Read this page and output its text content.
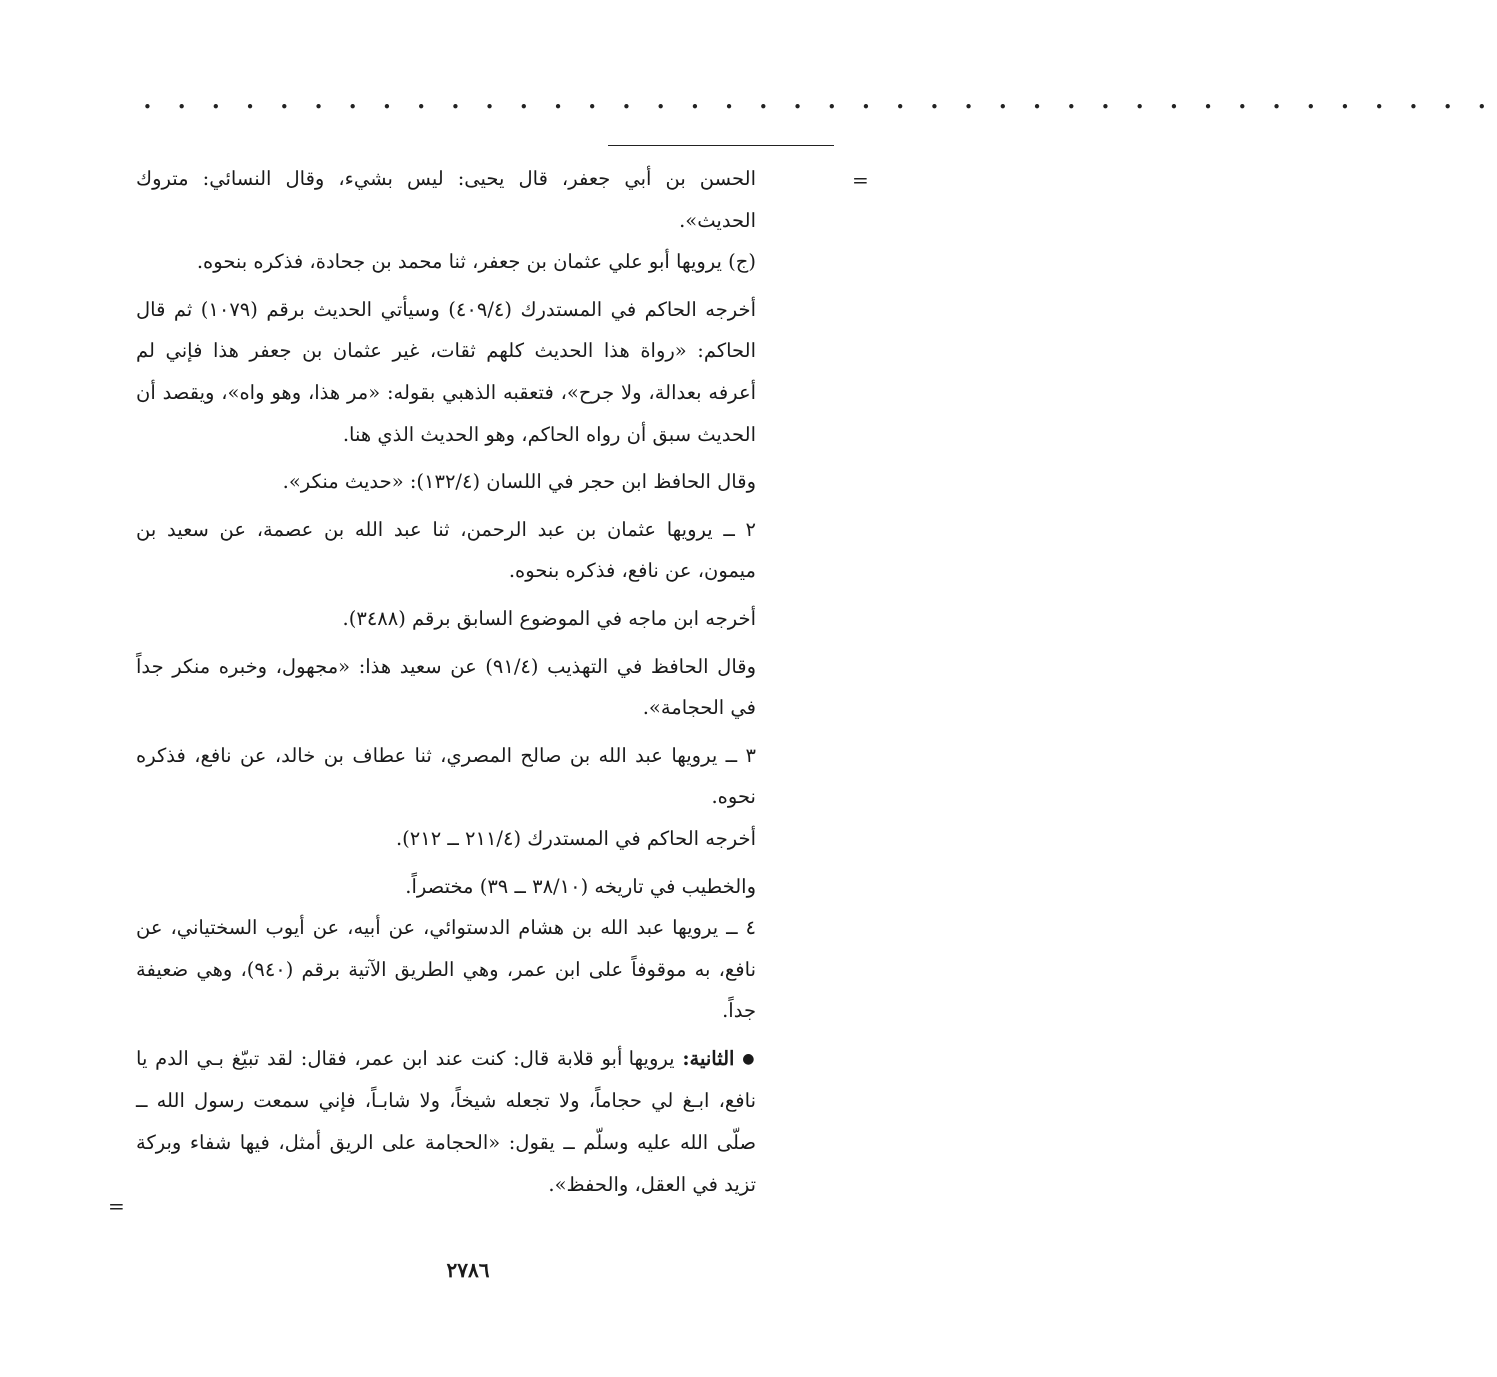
• • • • • • • • • • • • • • • • • • • • • • • • • • • • • • • • • • • • • • • •
=

الحسن بن أبي جعفر، قال يحيى: ليس بشيء، وقال النسائي: متروك الحديث».

(ج) يرويها أبو علي عثمان بن جعفر، ثنا محمد بن جحادة، فذكره بنحوه.

أخرجه الحاكم في المستدرك (٤٠٩/٤) وسيأتي الحديث برقم (١٠٧٩) ثم قال الحاكم: «رواة هذا الحديث كلهم ثقات، غير عثمان بن جعفر هذا فإني لم أعرفه بعدالة، ولا جرح»، فتعقبه الذهبي بقوله: «مر هذا، وهو واه»، ويقصد أن الحديث سبق أن رواه الحاكم، وهو الحديث الذي هنا.

وقال الحافظ ابن حجر في اللسان (١٣٢/٤): «حديث منكر».

٢ ــ يرويها عثمان بن عبد الرحمن، ثنا عبد الله بن عصمة، عن سعيد بن ميمون، عن نافع، فذكره بنحوه.

أخرجه ابن ماجه في الموضوع السابق برقم (٣٤٨٨).

وقال الحافظ في التهذيب (٩١/٤) عن سعيد هذا: «مجهول، وخبره منكر جداً في الحجامة».

٣ ــ يرويها عبد الله بن صالح المصري، ثنا عطاف بن خالد، عن نافع، فذكره نحوه.

أخرجه الحاكم في المستدرك (٢١١/٤ ــ ٢١٢).

والخطيب في تاريخه (٣٨/١٠ ــ ٣٩) مختصراً.

٤ ــ يرويها عبد الله بن هشام الدستوائي، عن أبيه، عن أيوب السختياني، عن نافع، به موقوفاً على ابن عمر، وهي الطريق الآتية برقم (٩٤٠)، وهي ضعيفة جداً.

● الثانية: يرويها أبو قلابة قال: كنت عند ابن عمر، فقال: لقد تبيّغ بـي الدم يا نافع، ابـغ لي حجاماً، ولا تجعله شيخاً، ولا شابـاً، فإني سمعت رسول الله ــ صلّى الله عليه وسلّم ــ يقول: «الحجامة على الريق أمثل، فيها شفاء وبركة تزيد في العقل، والحفظ».

=
٢٧٨٦
